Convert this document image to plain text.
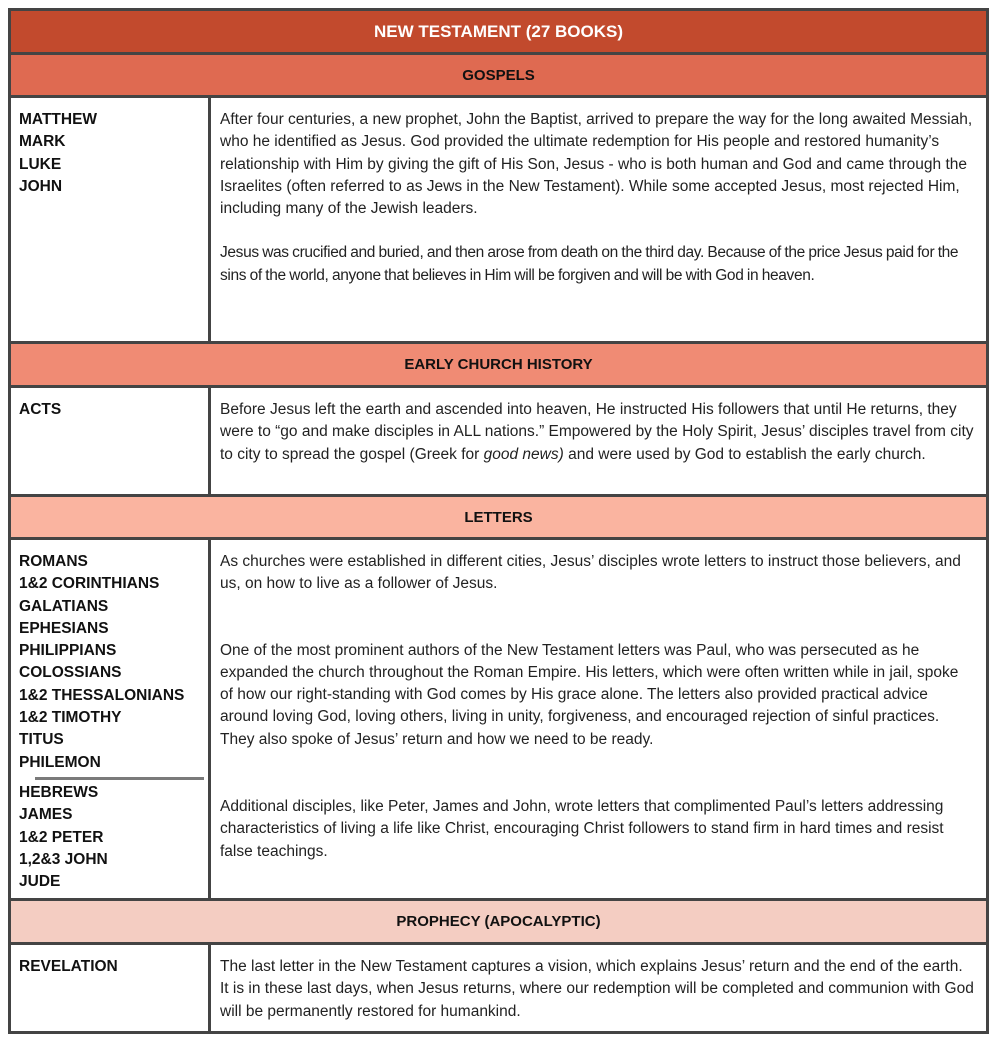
NEW TESTAMENT (27 BOOKS)
GOSPELS
MATTHEW
MARK
LUKE
JOHN

After four centuries, a new prophet, John the Baptist, arrived to prepare the way for the long awaited Messiah, who he identified as Jesus. God provided the ultimate redemption for His people and restored humanity’s relationship with Him by giving the gift of His Son, Jesus - who is both human and God and came through the Israelites (often referred to as Jews in the New Testament). While some accepted Jesus, most rejected Him, including many of the Jewish leaders.

Jesus was crucified and buried, and then arose from death on the third day. Because of the price Jesus paid for the sins of the world, anyone that believes in Him will be forgiven and will be with God in heaven.

EARLY CHURCH HISTORY
ACTS	Before Jesus left the earth and ascended into heaven, He instructed His followers that until He returns, they were to “go and make disciples in ALL nations.” Empowered by the Holy Spirit, Jesus’ disciples travel from city to city to spread the gospel (Greek for good news) and were used by God to establish the early church.

LETTERS
ROMANS
1&2 CORINTHIANS
GALATIANS
EPHESIANS
PHILIPPIANS
COLOSSIANS
1&2 THESSALONIANS
1&2 TIMOTHY
TITUS
PHILEMON
HEBREWS
JAMES
1&2 PETER
1,2&3 JOHN
JUDE

As churches were established in different cities, Jesus’ disciples wrote letters to instruct those believers, and us, on how to live as a follower of Jesus.

One of the most prominent authors of the New Testament letters was Paul, who was persecuted as he expanded the church throughout the Roman Empire. His letters, which were often written while in jail, spoke of how our right-standing with God comes by His grace alone. The letters also provided practical advice around loving God, loving others, living in unity, forgiveness, and encouraged rejection of sinful practices. They also spoke of Jesus’ return and how we need to be ready.

Additional disciples, like Peter, James and John, wrote letters that complimented Paul’s letters addressing characteristics of living a life like Christ, encouraging Christ followers to stand firm in hard times and resist false teachings.

PROPHECY (APOCALYPTIC)
REVELATION	The last letter in the New Testament captures a vision, which explains Jesus’ return and the end of the earth. It is in these last days, when Jesus returns, where our redemption will be completed and communion with God will be permanently restored for humankind.
